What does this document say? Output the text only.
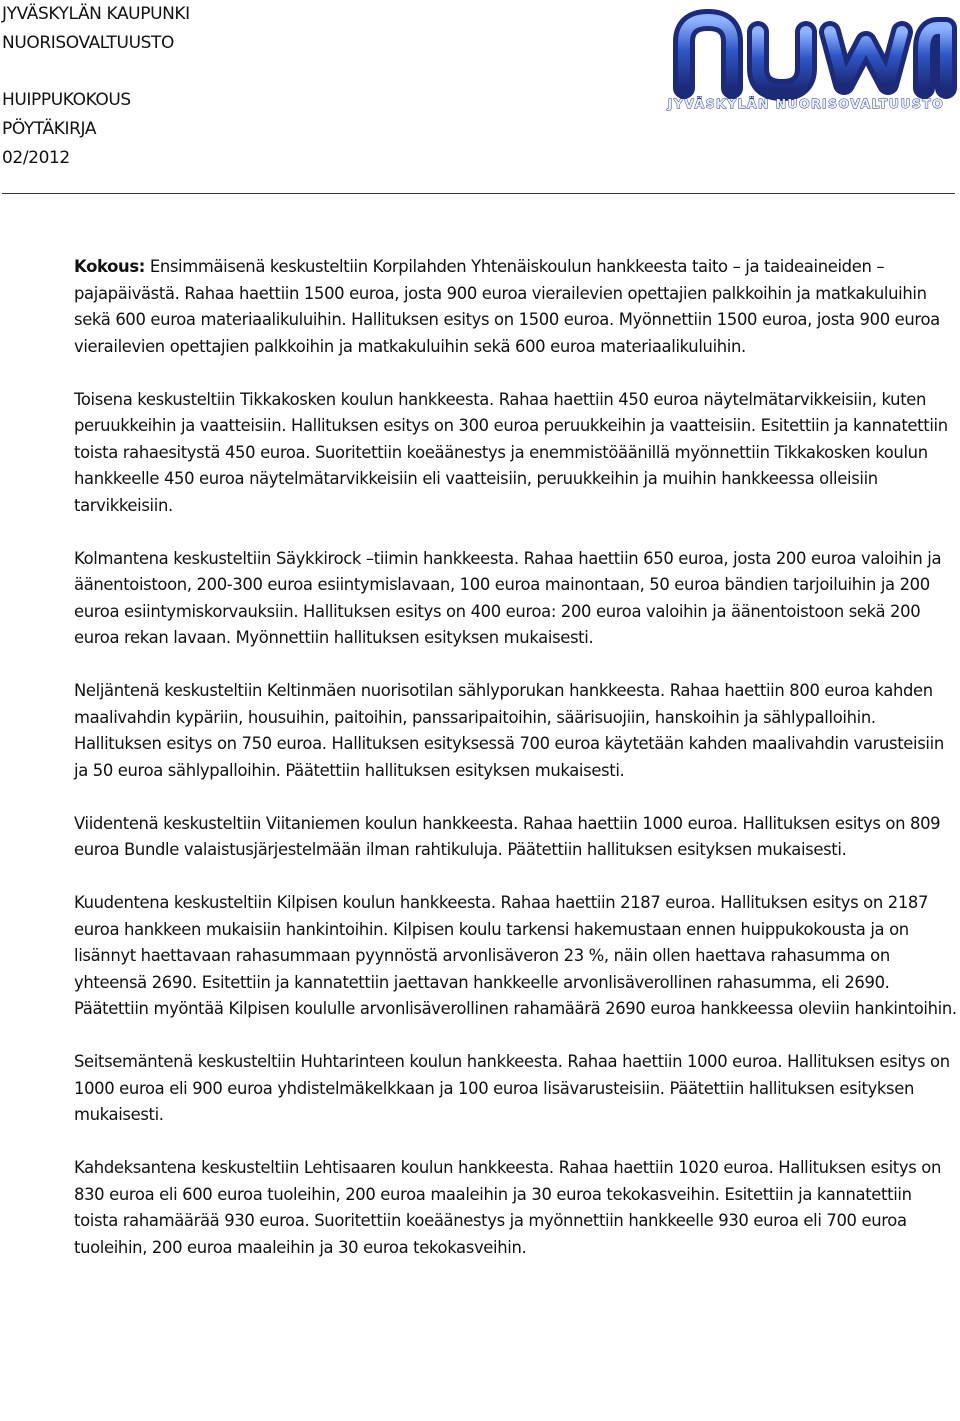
JYVÄSKYLÄN KAUPUNKI
NUORISOVALTUUSTO
HUIPPUKOKOUS
PÖYTÄKIRJA
02/2012
JYVÄSKYLÄN NUORISOVALTUUSTO

Kokous: Ensimmäisenä keskusteltiin Korpilahden Yhtenäiskoulun hankkeesta taito – ja taideaineiden –pajapäivästä. Rahaa haettiin 1500 euroa, josta 900 euroa vierailevien opettajien palkkoihin ja matkakuluihin sekä 600 euroa materiaalikuluihin. Hallituksen esitys on 1500 euroa. Myönnettiin 1500 euroa, josta 900 euroa vierailevien opettajien palkkoihin ja matkakuluihin sekä 600 euroa materiaalikuluihin.

Toisena keskusteltiin Tikkakosken koulun hankkeesta. Rahaa haettiin 450 euroa näytelmätarvikkeisiin, kuten peruukkeihin ja vaatteisiin. Hallituksen esitys on 300 euroa peruukkeihin ja vaatteisiin. Esitettiin ja kannatettiin toista rahaesitystä 450 euroa. Suoritettiin koeäänestys ja enemmistöäänillä myönnettiin Tikkakosken koulun hankkeelle 450 euroa näytelmätarvikkeisiin eli vaatteisiin, peruukkeihin ja muihin hankkeessa olleisiin tarvikkeisiin.

Kolmantena keskusteltiin Säykkirock –tiimin hankkeesta. Rahaa haettiin 650 euroa, josta 200 euroa valoihin ja äänentoistoon, 200-300 euroa esiintymislavaan, 100 euroa mainontaan, 50 euroa bändien tarjoiluihin ja 200 euroa esiintymiskorvauksiin. Hallituksen esitys on 400 euroa: 200 euroa valoihin ja äänentoistoon sekä 200 euroa rekan lavaan. Myönnettiin hallituksen esityksen mukaisesti.

Neljäntenä keskusteltiin Keltinmäen nuorisotilan sählyporukan hankkeesta. Rahaa haettiin 800 euroa kahden maalivahdin kypäriin, housuihin, paitoihin, panssaripaitoihin, säärisuojiin, hanskoihin ja sählypalloihin. Hallituksen esitys on 750 euroa. Hallituksen esityksessä 700 euroa käytetään kahden maalivahdin varusteisiin ja 50 euroa sählypalloihin. Päätettiin hallituksen esityksen mukaisesti.

Viidentenä keskusteltiin Viitaniemen koulun hankkeesta. Rahaa haettiin 1000 euroa. Hallituksen esitys on 809 euroa Bundle valaistusjärjestelmään ilman rahtikuluja. Päätettiin hallituksen esityksen mukaisesti.

Kuudentena keskusteltiin Kilpisen koulun hankkeesta. Rahaa haettiin 2187 euroa. Hallituksen esitys on 2187 euroa hankkeen mukaisiin hankintoihin. Kilpisen koulu tarkensi hakemustaan ennen huippukokousta ja on lisännyt haettavaan rahasummaan pyynnöstä arvonlisäveron 23 %, näin ollen haettava rahasumma on yhteensä 2690. Esitettiin ja kannatettiin jaettavan hankkeelle arvonlisäverollinen rahasumma, eli 2690. Päätettiin myöntää Kilpisen koululle arvonlisäverollinen rahamäärä 2690 euroa hankkeessa oleviin hankintoihin.

Seitsemäntenä keskusteltiin Huhtarinteen koulun hankkeesta. Rahaa haettiin 1000 euroa. Hallituksen esitys on 1000 euroa eli 900 euroa yhdistelmäkelkkaan ja 100 euroa lisävarusteisiin. Päätettiin hallituksen esityksen mukaisesti.

Kahdeksantena keskusteltiin Lehtisaaren koulun hankkeesta. Rahaa haettiin 1020 euroa. Hallituksen esitys on 830 euroa eli 600 euroa tuoleihin, 200 euroa maaleihin ja 30 euroa tekokasveihin. Esitettiin ja kannatettiin toista rahamäärää 930 euroa. Suoritettiin koeäänestys ja myönnettiin hankkeelle 930 euroa eli 700 euroa tuoleihin, 200 euroa maaleihin ja 30 euroa tekokasveihin.
